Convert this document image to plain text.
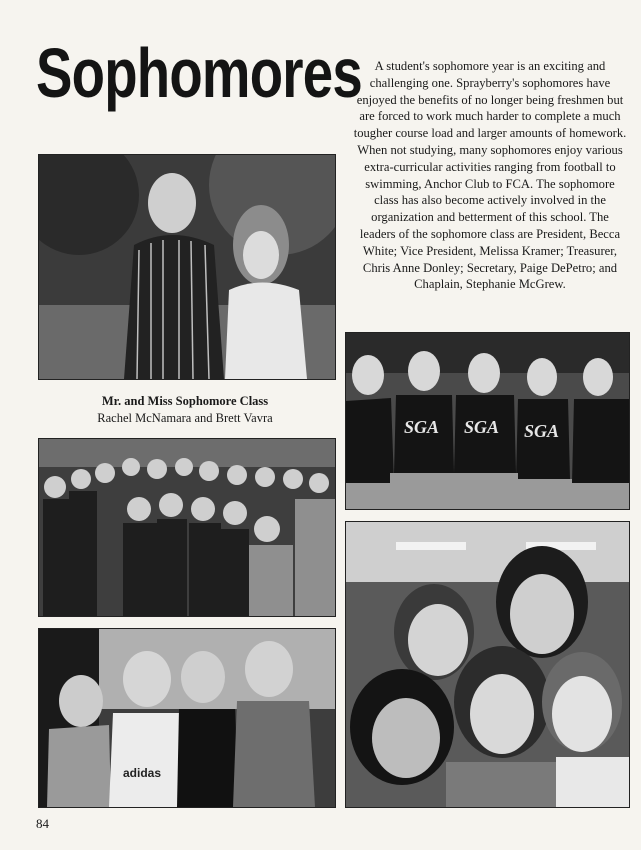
Sophomores	A student's sophomore year is an exciting and challenging one. Sprayberry's sophomores have enjoyed the benefits of no longer being freshmen but are forced to work much harder to complete a much tougher course load and larger amounts of homework. When not studying, many sophomores enjoy various extra-curricular activities ranging from football to swimming, Anchor Club to FCA. The sophomore class has also become actively involved in the organization and betterment of this school. The leaders of the sophomore class are President, Becca White; Vice President, Melissa Kramer; Treasurer, Chris Anne Donley; Secretary, Paige DePetro; and Chaplain, Stephanie McGrew.

Mr. and Miss Sophomore Class

Rachel McNamara and Brett Vavra	SGA SGA SGA
adidas
84
